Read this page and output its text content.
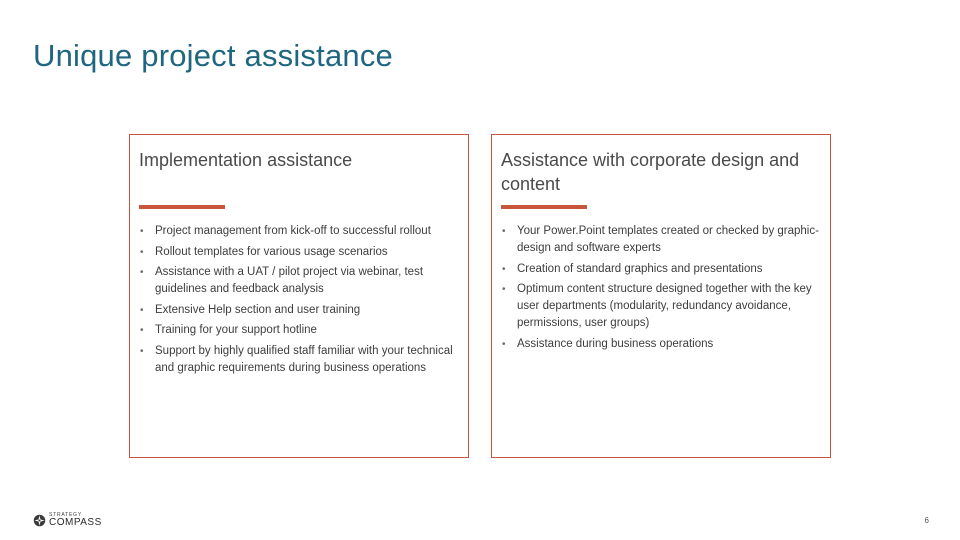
Unique project assistance
Implementation assistance
• Project management from kick-off to successful rollout
• Rollout templates for various usage scenarios
• Assistance with a UAT / pilot project via webinar, test guidelines and feedback analysis
• Extensive Help section and user training
• Training for your support hotline
• Support by highly qualified staff familiar with your technical and graphic requirements during business operations
Assistance with corporate design and content
• Your Power.Point templates created or checked by graphic-design and software experts
• Creation of standard graphics and presentations
• Optimum content structure designed together with the key user departments (modularity, redundancy avoidance, permissions, user groups)
• Assistance during business operations
STRATEGY
COMPASS	6
